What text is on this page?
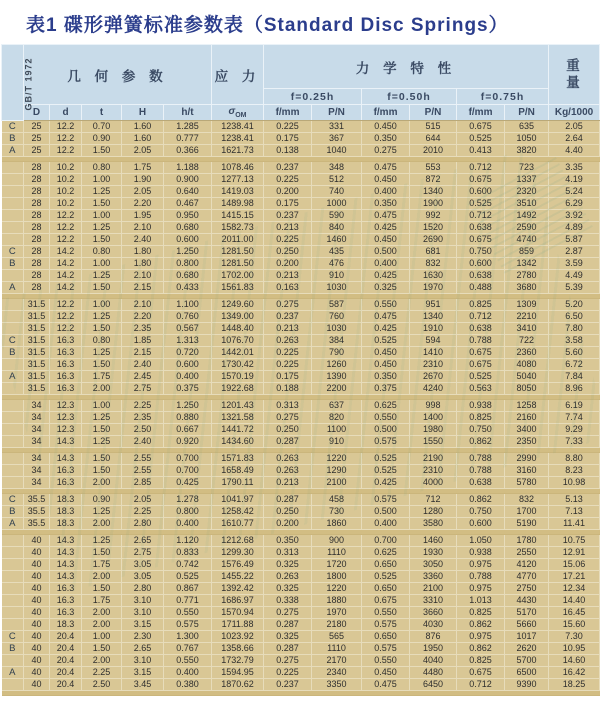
表1 碟形弹簧标准参数表（Standard Disc Springs）
GB/T 1972	几 何 参 数					应 力	力 学 特 性						重量
							f=0.25h		f=0.50h		f=0.75h		
	D	d	t	H	h/t	$\sigma_{OM}$	f/mm	P/N	f/mm	P/N	f/mm	P/N	Kg/1000
C	25	12.2	0.70	1.60	1.285	1238.41	0.225	331	0.450	515	0.675	635	2.05
B	25	12.2	0.90	1.60	0.777	1238.41	0.175	367	0.350	644	0.525	1050	2.64
A	25	12.2	1.50	2.05	0.366	1621.73	0.138	1040	0.275	2010	0.413	3820	4.40

	28	10.2	0.80	1.75	1.188	1078.46	0.237	348	0.475	553	0.712	723	3.35
	28	10.2	1.00	1.90	0.900	1277.13	0.225	512	0.450	872	0.675	1337	4.19
	28	10.2	1.25	2.05	0.640	1419.03	0.200	740	0.400	1340	0.600	2320	5.24
	28	10.2	1.50	2.20	0.467	1489.98	0.175	1000	0.350	1900	0.525	3510	6.29
	28	12.2	1.00	1.95	0.950	1415.15	0.237	590	0.475	992	0.712	1492	3.92
	28	12.2	1.25	2.10	0.680	1582.73	0.213	840	0.425	1520	0.638	2590	4.89
	28	12.2	1.50	2.40	0.600	2011.00	0.225	1460	0.450	2690	0.675	4740	5.87
C	28	14.2	0.80	1.80	1.250	1281.50	0.250	435	0.500	681	0.750	859	2.87
B	28	14.2	1.00	1.80	0.800	1281.50	0.200	476	0.400	832	0.600	1342	3.59
	28	14.2	1.25	2.10	0.680	1702.00	0.213	910	0.425	1630	0.638	2780	4.49
A	28	14.2	1.50	2.15	0.433	1561.83	0.163	1030	0.325	1970	0.488	3680	5.39

	31.5	12.2	1.00	2.10	1.100	1249.60	0.275	587	0.550	951	0.825	1309	5.20
	31.5	12.2	1.25	2.20	0.760	1349.00	0.237	760	0.475	1340	0.712	2210	6.50
	31.5	12.2	1.50	2.35	0.567	1448.40	0.213	1030	0.425	1910	0.638	3410	7.80
C	31.5	16.3	0.80	1.85	1.313	1076.70	0.263	384	0.525	594	0.788	722	3.58
B	31.5	16.3	1.25	2.15	0.720	1442.01	0.225	790	0.450	1410	0.675	2360	5.60
	31.5	16.3	1.50	2.40	0.600	1730.42	0.225	1260	0.450	2310	0.675	4080	6.72
A	31.5	16.3	1.75	2.45	0.400	1570.19	0.175	1390	0.350	2670	0.525	5040	7.84
	31.5	16.3	2.00	2.75	0.375	1922.68	0.188	2200	0.375	4240	0.563	8050	8.96

	34	12.3	1.00	2.25	1.250	1201.43	0.313	637	0.625	998	0.938	1258	6.19
	34	12.3	1.25	2.35	0.880	1321.58	0.275	820	0.550	1400	0.825	2160	7.74
	34	12.3	1.50	2.50	0.667	1441.72	0.250	1100	0.500	1980	0.750	3400	9.29
	34	14.3	1.25	2.40	0.920	1434.60	0.287	910	0.575	1550	0.862	2350	7.33

	34	14.3	1.50	2.55	0.700	1571.83	0.263	1220	0.525	2190	0.788	2990	8.80
	34	16.3	1.50	2.55	0.700	1658.49	0.263	1290	0.525	2310	0.788	3160	8.23
	34	16.3	2.00	2.85	0.425	1790.11	0.213	2100	0.425	4000	0.638	5780	10.98

C	35.5	18.3	0.90	2.05	1.278	1041.97	0.287	458	0.575	712	0.862	832	5.13
B	35.5	18.3	1.25	2.25	0.800	1258.42	0.250	730	0.500	1280	0.750	1700	7.13
A	35.5	18.3	2.00	2.80	0.400	1610.77	0.200	1860	0.400	3580	0.600	5190	11.41

	40	14.3	1.25	2.65	1.120	1212.68	0.350	900	0.700	1460	1.050	1780	10.75
	40	14.3	1.50	2.75	0.833	1299.30	0.313	1110	0.625	1930	0.938	2550	12.91
	40	14.3	1.75	3.05	0.742	1576.49	0.325	1720	0.650	3050	0.975	4120	15.06
	40	14.3	2.00	3.05	0.525	1455.22	0.263	1800	0.525	3360	0.788	4770	17.21
	40	16.3	1.50	2.80	0.867	1392.42	0.325	1220	0.650	2100	0.975	2750	12.34
	40	16.3	1.75	3.10	0.771	1686.97	0.338	1880	0.675	3310	1.013	4430	14.40
	40	16.3	2.00	3.10	0.550	1570.94	0.275	1970	0.550	3660	0.825	5170	16.45
	40	18.3	2.00	3.15	0.575	1711.88	0.287	2180	0.575	4030	0.862	5660	15.60
C	40	20.4	1.00	2.30	1.300	1023.92	0.325	565	0.650	876	0.975	1017	7.30
B	40	20.4	1.50	2.65	0.767	1358.66	0.287	1110	0.575	1950	0.862	2620	10.95
	40	20.4	2.00	3.10	0.550	1732.79	0.275	2170	0.550	4040	0.825	5700	14.60
A	40	20.4	2.25	3.15	0.400	1594.95	0.225	2340	0.450	4480	0.675	6500	16.42
	40	20.4	2.50	3.45	0.380	1870.62	0.237	3350	0.475	6450	0.712	9390	18.25
